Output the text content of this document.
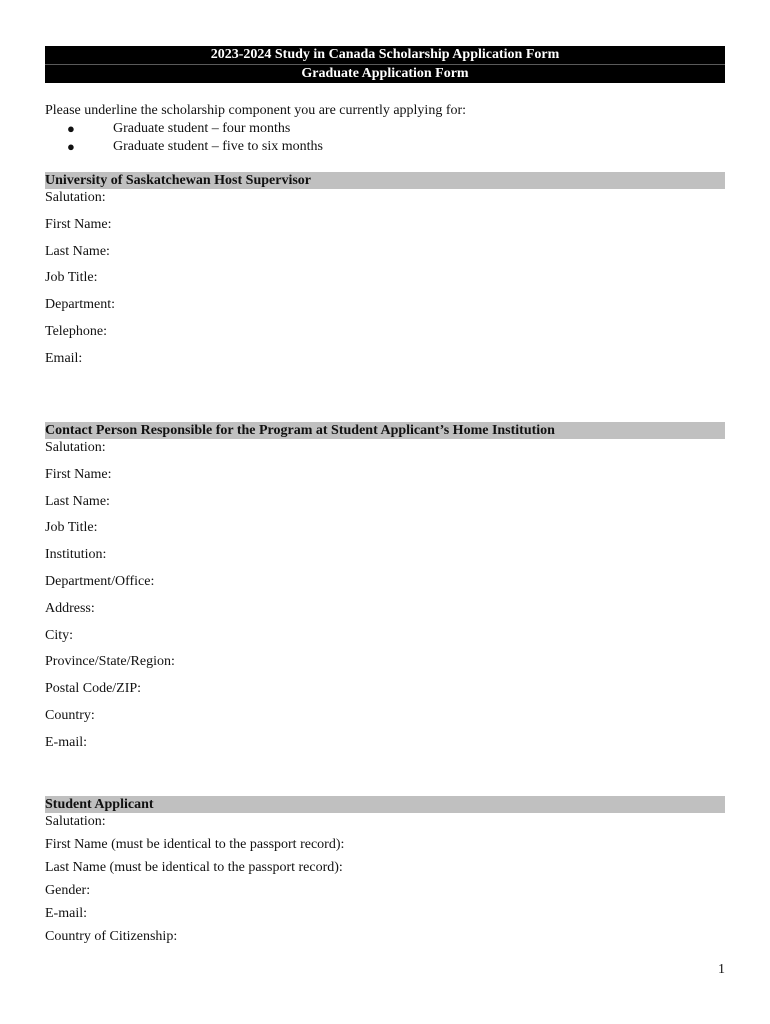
2023-2024 Study in Canada Scholarship Application Form
Graduate Application Form
Please underline the scholarship component you are currently applying for:
●	Graduate student – four months
●	Graduate student – five to six months
University of Saskatchewan Host Supervisor
Salutation:
First Name:
Last Name:
Job Title:
Department:
Telephone:
Email:
Contact Person Responsible for the Program at Student Applicant’s Home Institution
Salutation:
First Name:
Last Name:
Job Title:
Institution:
Department/Office:
Address:
City:
Province/State/Region:
Postal Code/ZIP:
Country:
E-mail:
Student Applicant
Salutation:
First Name (must be identical to the passport record):
Last Name (must be identical to the passport record):
Gender:
E-mail:
Country of Citizenship:
1
